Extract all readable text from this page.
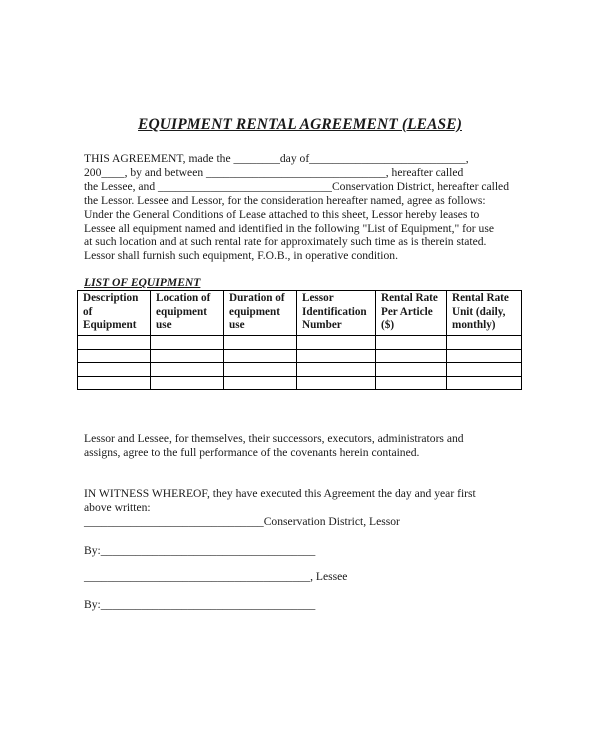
EQUIPMENT RENTAL AGREEMENT (LEASE)

THIS AGREEMENT, made the ________day of___________________________,
200____, by and between _______________________________, hereafter called
the Lessee, and ______________________________Conservation District, hereafter called
the Lessor. Lessee and Lessor, for the consideration hereafter named, agree as follows:
Under the General Conditions of Lease attached to this sheet, Lessor hereby leases to
Lessee all equipment named and identified in the following "List of Equipment," for use
at such location and at such rental rate for approximately such time as is therein stated.
Lessor shall furnish such equipment, F.O.B., in operative condition.

LIST OF EQUIPMENT
Description of Equipment	Location of equipment use	Duration of equipment use	Lessor Identification Number	Rental Rate Per Article ($)	Rental Rate Unit (daily, monthly)

Lessor and Lessee, for themselves, their successors, executors, administrators and
assigns, agree to the full performance of the covenants herein contained.

IN WITNESS WHEREOF, they have executed this Agreement the day and year first
above written:

_______________________________Conservation District, Lessor
By:_____________________________________
_______________________________________, Lessee
By:_____________________________________
